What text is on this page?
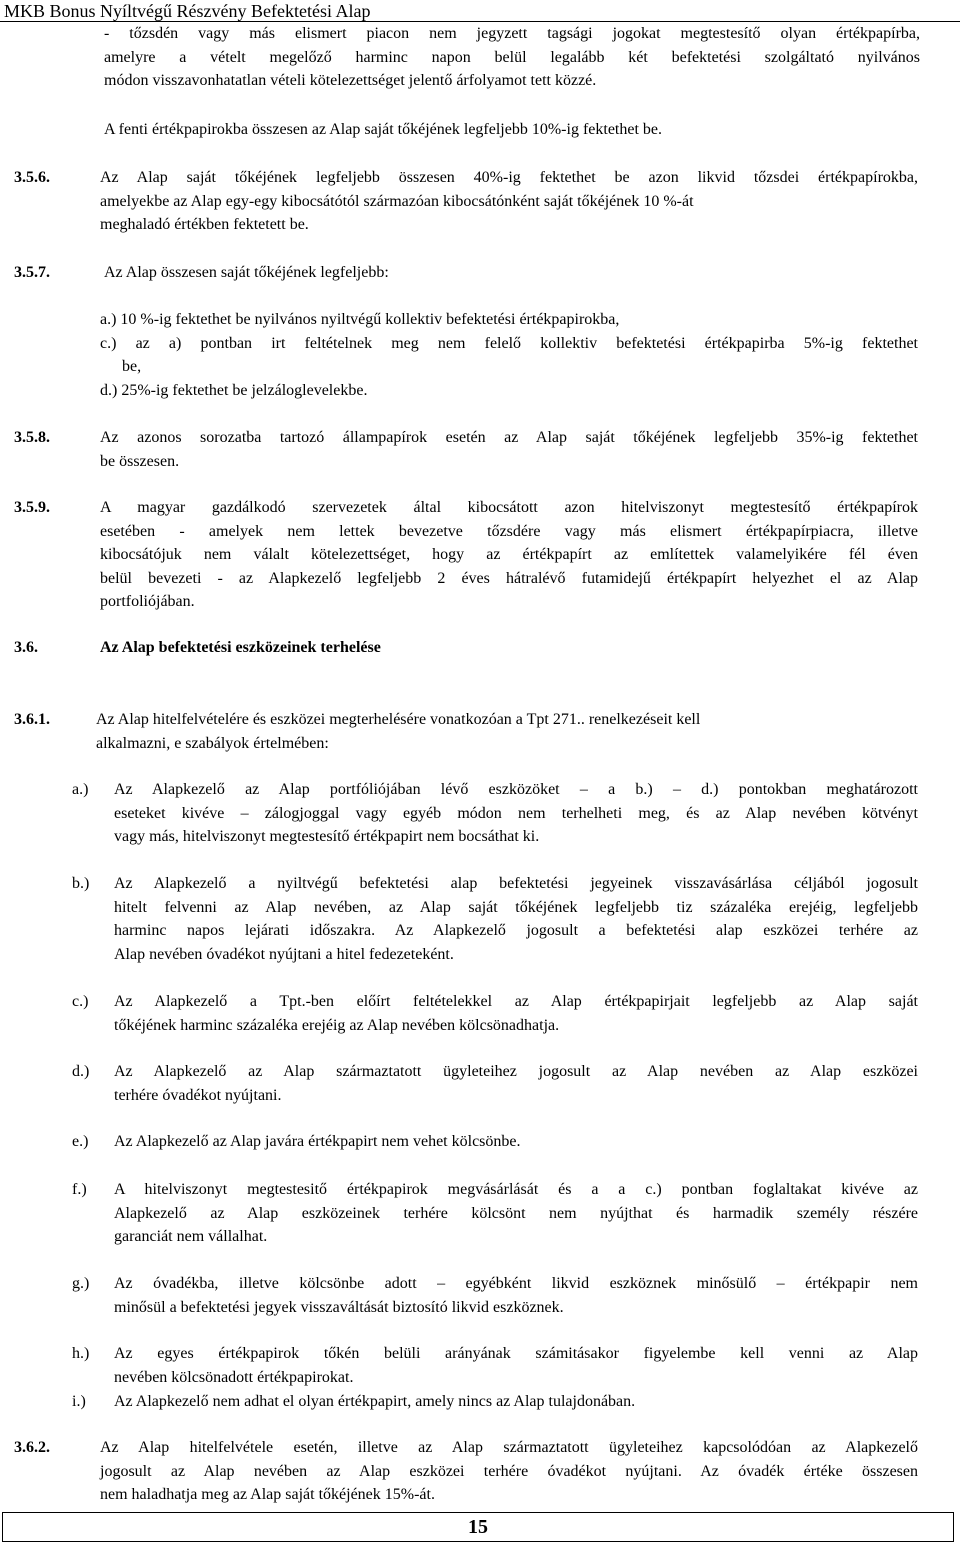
MKB Bonus Nyíltvégű Részvény Befektetési Alap
- tőzsdén vagy más elismert piacon nem jegyzett tagsági jogokat megtestesítő olyan értékpapírba,
amelyre a vételt megelőző harminc napon belül legalább két befektetési szolgáltató nyilvános
módon visszavonhatatlan vételi kötelezettséget jelentő árfolyamot tett közzé.
A fenti értékpapirokba összesen az Alap saját tőkéjének legfeljebb 10%-ig fektethet be.
3.5.6.	Az Alap saját tőkéjének legfeljebb összesen 40%-ig fektethet be azon likvid tőzsdei értékpapírokba,
amelyekbe az Alap egy-egy kibocsátótól származóan kibocsátónként saját tőkéjének 10 %-át
meghaladó értékben fektetett be.
3.5.7.	Az Alap összesen saját tőkéjének legfeljebb:
a.) 10 %-ig fektethet be nyilvános nyiltvégű kollektiv befektetési értékpapirokba,
c.) az a) pontban irt feltételnek meg nem felelő kollektiv befektetési értékpapirba 5%-ig fektethet
be,
d.) 25%-ig fektethet be jelzáloglevelekbe.
3.5.8.	Az azonos sorozatba tartozó állampapírok esetén az Alap saját tőkéjének legfeljebb 35%-ig fektethet
be összesen.
3.5.9.	A magyar gazdálkodó szervezetek által kibocsátott azon hitelviszonyt megtestesítő értékpapírok
esetében - amelyek nem lettek bevezetve tőzsdére vagy más elismert értékpapírpiacra, illetve
kibocsátójuk nem válalt kötelezettséget, hogy az értékpapírt az említettek valamelyikére fél éven
belül bevezeti - az Alapkezelő legfeljebb 2 éves hátralévő futamidejű értékpapírt helyezhet el az Alap
portfoliójában.
3.6.	Az Alap befektetési eszközeinek terhelése
3.6.1.	Az Alap hitelfelvételére és eszközei megterhelésére vonatkozóan a Tpt 271.. renelkezéseit kell
alkalmazni, e szabályok értelmében:
a.) Az Alapkezelő az Alap portfóliójában lévő eszközöket – a b.) – d.) pontokban meghatározott
eseteket kivéve – zálogjoggal vagy egyéb módon nem terhelheti meg, és az Alap nevében kötvényt
vagy más, hitelviszonyt megtestesítő értékpapirt nem bocsáthat ki.
b.) Az Alapkezelő a nyiltvégű befektetési alap befektetési jegyeinek visszavásárlása céljából jogosult
hitelt felvenni az Alap nevében, az Alap saját tőkéjének legfeljebb tiz százaléka erejéig, legfeljebb
harminc napos lejárati időszakra. Az Alapkezelő jogosult a befektetési alap eszközei terhére az
Alap nevében óvadékot nyújtani a hitel fedezeteként.
c.) Az Alapkezelő a Tpt.-ben előírt feltételekkel az Alap értékpapirjait legfeljebb az Alap saját
tőkéjének harminc százaléka erejéig az Alap nevében kölcsönadhatja.
d.) Az Alapkezelő az Alap származtatott ügyleteihez jogosult az Alap nevében az Alap eszközei
terhére óvadékot nyújtani.
e.) Az Alapkezelő az Alap javára értékpapirt nem vehet kölcsönbe.
f.) A hitelviszonyt megtestesitő értékpapirok megvásárlását és a a c.) pontban foglaltakat kivéve az
Alapkezelő az Alap eszközeinek terhére kölcsönt nem nyújthat és harmadik személy részére
garanciát nem vállalhat.
g.) Az óvadékba, illetve kölcsönbe adott – egyébként likvid eszköznek minősülő – értékpapir nem
minősül a befektetési jegyek visszaváltását biztosító likvid eszköznek.
h.) Az egyes értékpapirok tőkén belüli arányának számitásakor figyelembe kell venni az Alap
nevében kölcsönadott értékpapirokat.
i.) Az Alapkezelő nem adhat el olyan értékpapirt, amely nincs az Alap tulajdonában.
3.6.2.	Az Alap hitelfelvétele esetén, illetve az Alap származtatott ügyleteihez kapcsolódóan az Alapkezelő
jogosult az Alap nevében az Alap eszközei terhére óvadékot nyújtani. Az óvadék értéke összesen
nem haladhatja meg az Alap saját tőkéjének 15%-át.
15
